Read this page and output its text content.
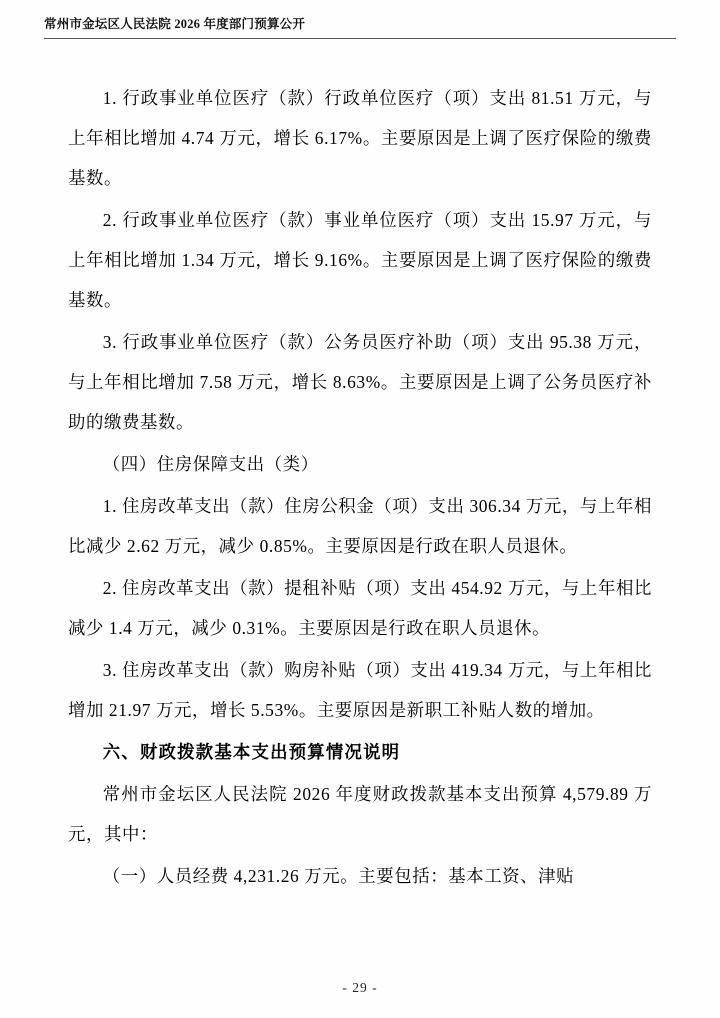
常州市金坛区人民法院 2026 年度部门预算公开

1. 行政事业单位医疗（款）行政单位医疗（项）支出 81.51 万元，与上年相比增加 4.74 万元，增长 6.17%。主要原因是上调了医疗保险的缴费基数。

2. 行政事业单位医疗（款）事业单位医疗（项）支出 15.97 万元，与上年相比增加 1.34 万元，增长 9.16%。主要原因是上调了医疗保险的缴费基数。

3. 行政事业单位医疗（款）公务员医疗补助（项）支出 95.38 万元，与上年相比增加 7.58 万元，增长 8.63%。主要原因是上调了公务员医疗补助的缴费基数。

（四）住房保障支出（类）

1. 住房改革支出（款）住房公积金（项）支出 306.34 万元，与上年相比减少 2.62 万元，减少 0.85%。主要原因是行政在职人员退休。

2. 住房改革支出（款）提租补贴（项）支出 454.92 万元，与上年相比减少 1.4 万元，减少 0.31%。主要原因是行政在职人员退休。

3. 住房改革支出（款）购房补贴（项）支出 419.34 万元，与上年相比增加 21.97 万元，增长 5.53%。主要原因是新职工补贴人数的增加。

六、财政拨款基本支出预算情况说明

常州市金坛区人民法院 2026 年度财政拨款基本支出预算 4,579.89 万元，其中：

（一）人员经费 4,231.26 万元。主要包括：基本工资、津贴

- 29 -
